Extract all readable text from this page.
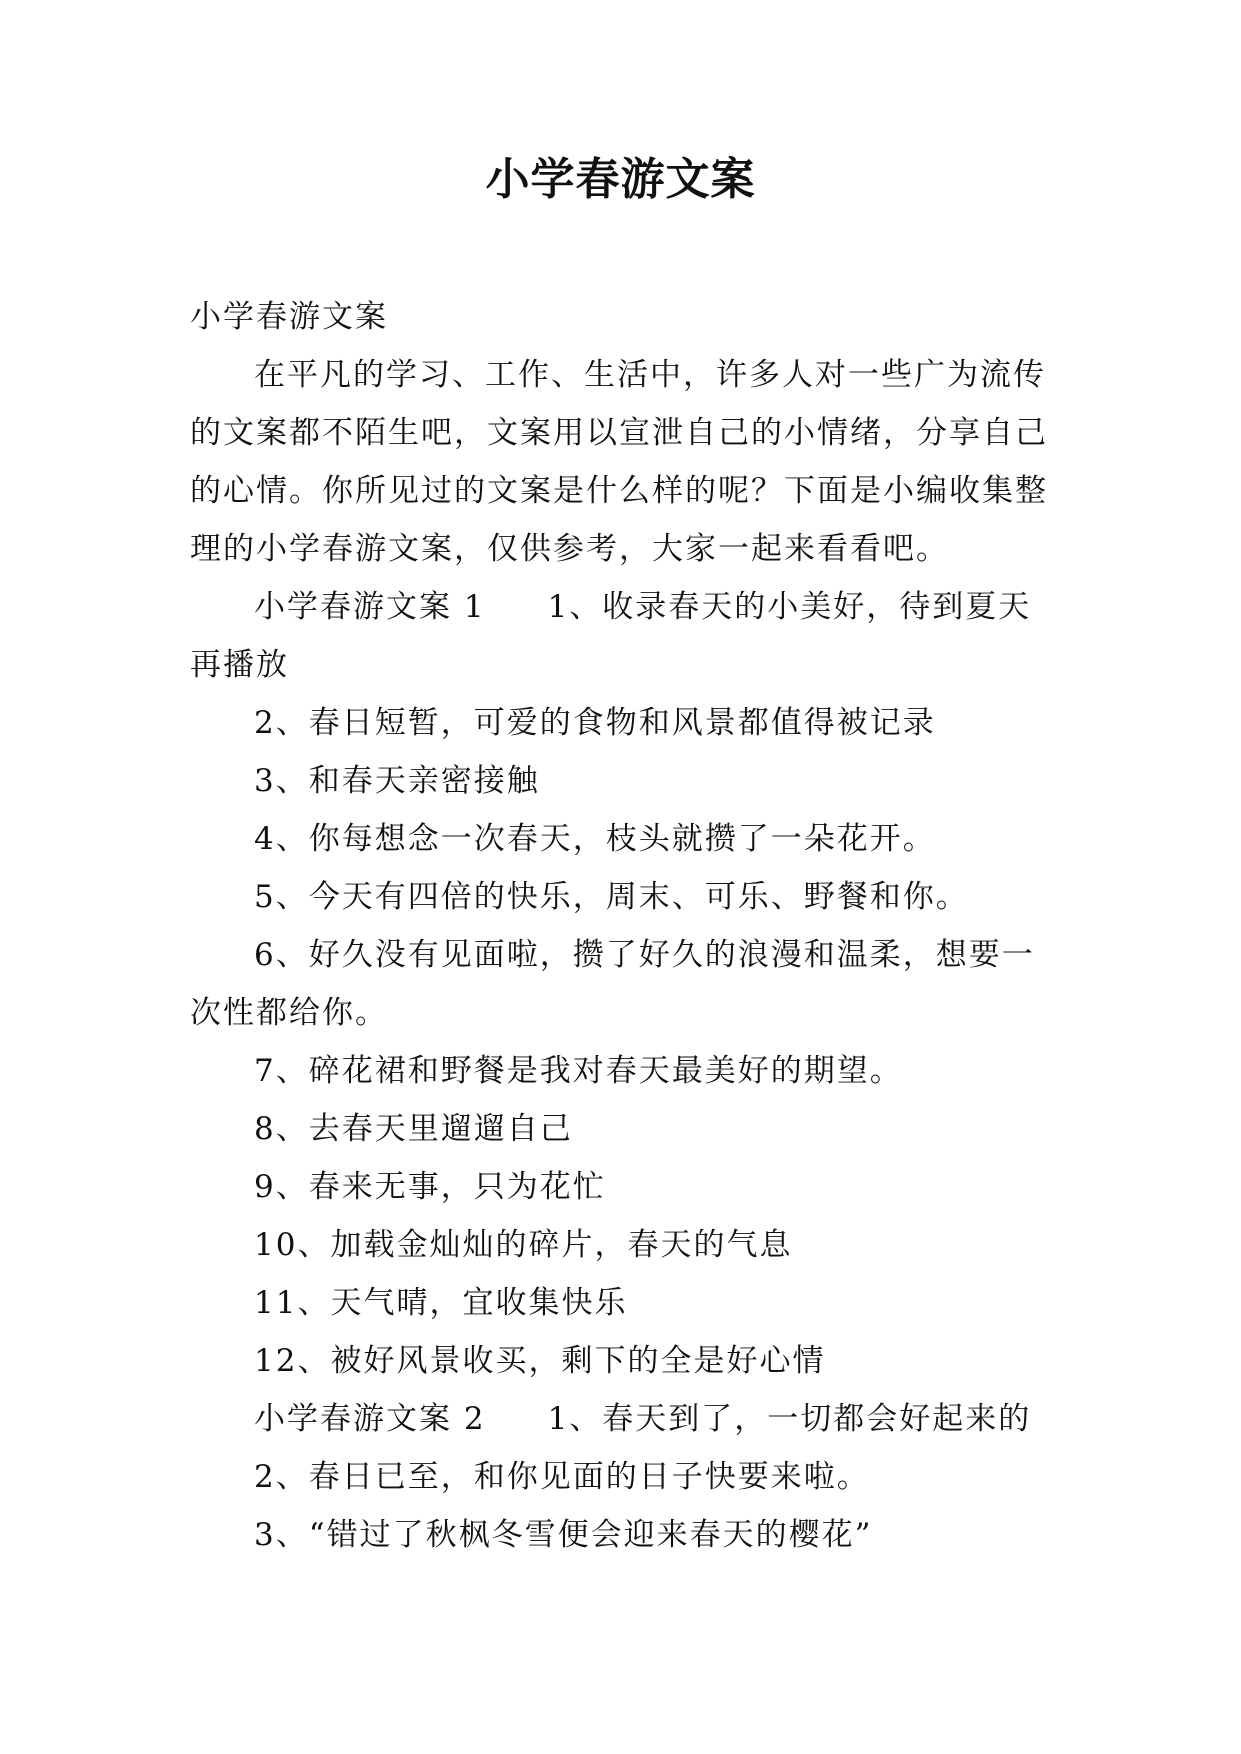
小学春游文案

小学春游文案

在平凡的学习、工作、生活中，许多人对一些广为流传的文案都不陌生吧，文案用以宣泄自己的小情绪，分享自己的心情。你所见过的文案是什么样的呢？下面是小编收集整理的小学春游文案，仅供参考，大家一起来看看吧。

小学春游文案 1 1、收录春天的小美好，待到夏天再播放

2、春日短暂，可爱的食物和风景都值得被记录

3、和春天亲密接触

4、你每想念一次春天，枝头就攒了一朵花开。

5、今天有四倍的快乐，周末、可乐、野餐和你。

6、好久没有见面啦，攒了好久的浪漫和温柔，想要一次性都给你。

7、碎花裙和野餐是我对春天最美好的期望。

8、去春天里遛遛自己

9、春来无事，只为花忙

10、加载金灿灿的碎片，春天的气息

11、天气晴，宜收集快乐

12、被好风景收买，剩下的全是好心情

小学春游文案 2 1、春天到了，一切都会好起来的

2、春日已至，和你见面的日子快要来啦。

3、“错过了秋枫冬雪便会迎来春天的樱花”
